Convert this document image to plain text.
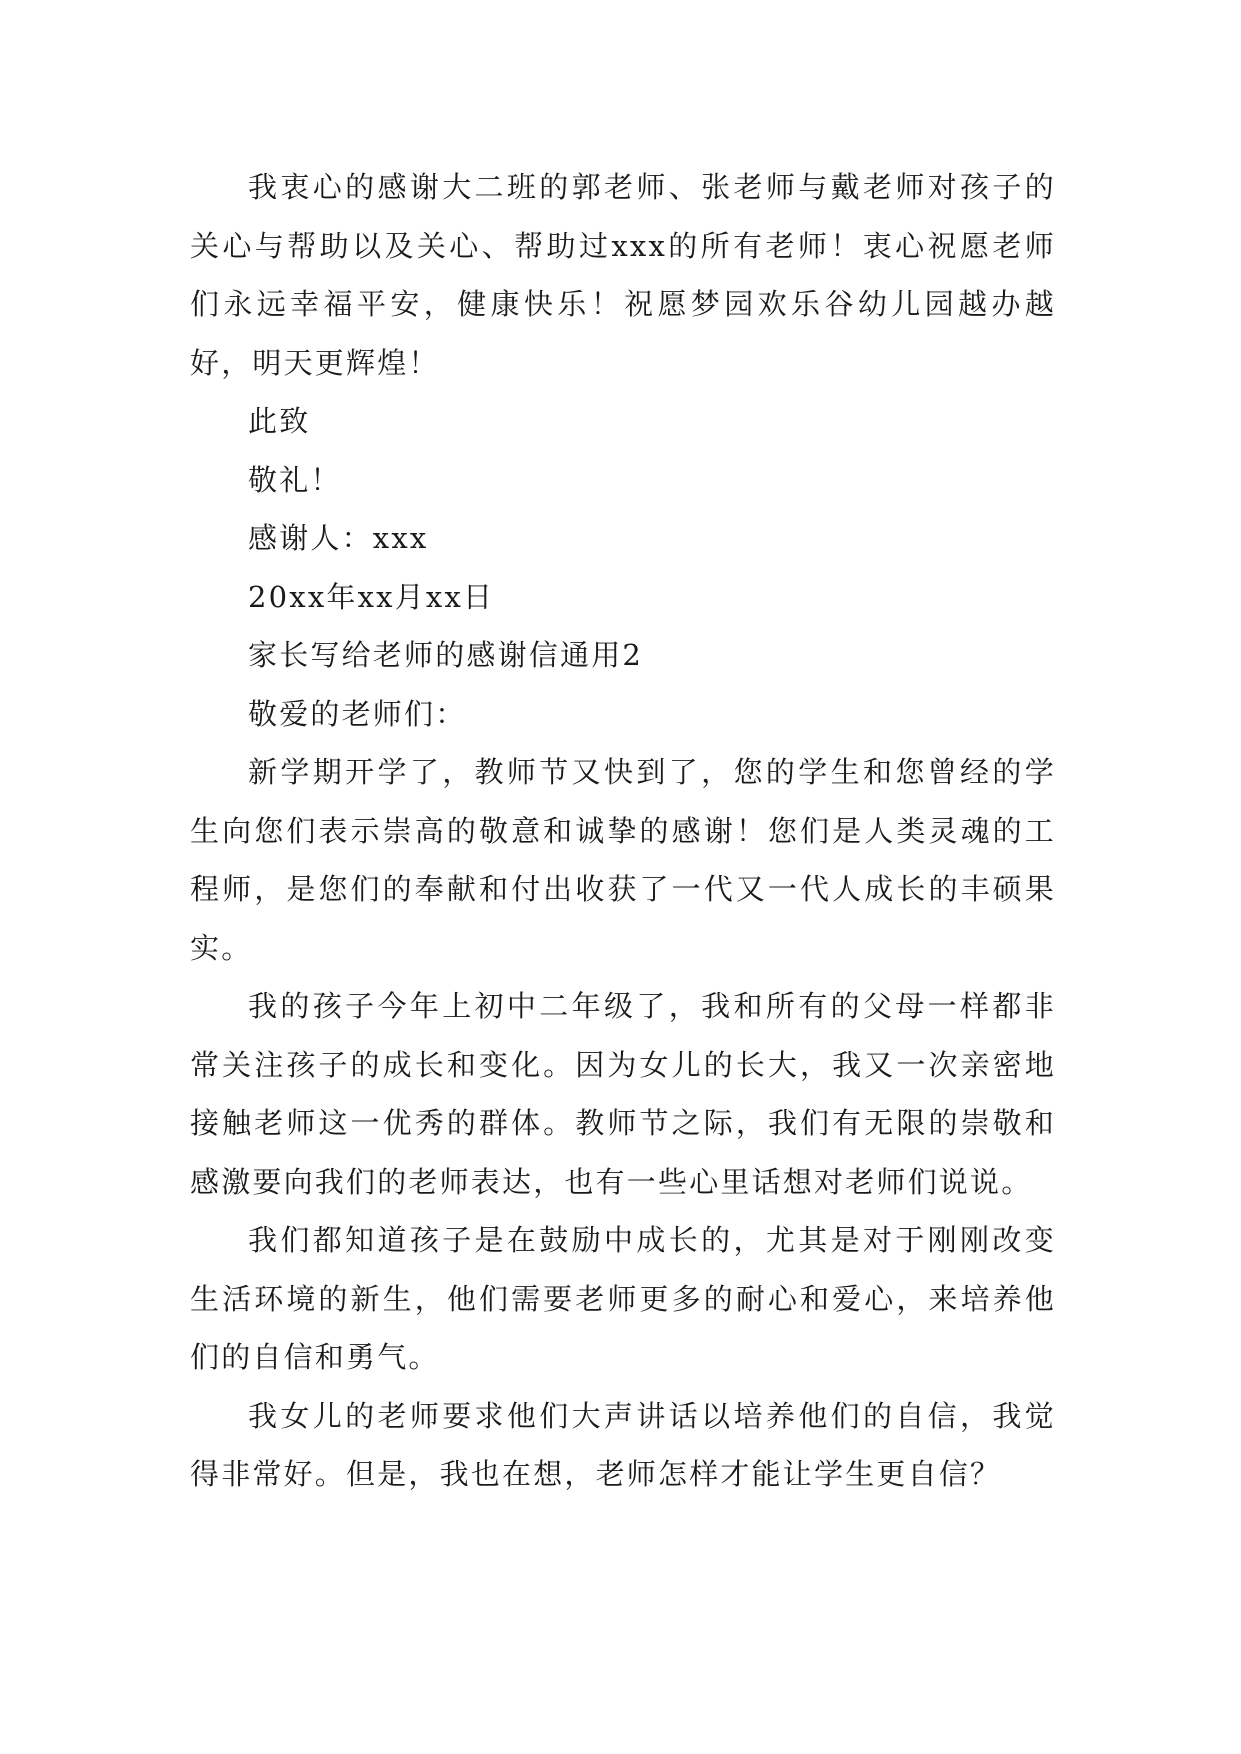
我衷心的感谢大二班的郭老师、张老师与戴老师对孩子的关心与帮助以及关心、帮助过xxx的所有老师！衷心祝愿老师们永远幸福平安，健康快乐！祝愿梦园欢乐谷幼儿园越办越好，明天更辉煌！

此致

敬礼！

感谢人：xxx

20xx年xx月xx日

家长写给老师的感谢信通用2

敬爱的老师们：

新学期开学了，教师节又快到了，您的学生和您曾经的学生向您们表示崇高的敬意和诚挚的感谢！您们是人类灵魂的工程师，是您们的奉献和付出收获了一代又一代人成长的丰硕果实。

我的孩子今年上初中二年级了，我和所有的父母一样都非常关注孩子的成长和变化。因为女儿的长大，我又一次亲密地接触老师这一优秀的群体。教师节之际，我们有无限的崇敬和感激要向我们的老师表达，也有一些心里话想对老师们说说。

我们都知道孩子是在鼓励中成长的，尤其是对于刚刚改变生活环境的新生，他们需要老师更多的耐心和爱心，来培养他们的自信和勇气。

我女儿的老师要求他们大声讲话以培养他们的自信，我觉得非常好。但是，我也在想，老师怎样才能让学生更自信？
